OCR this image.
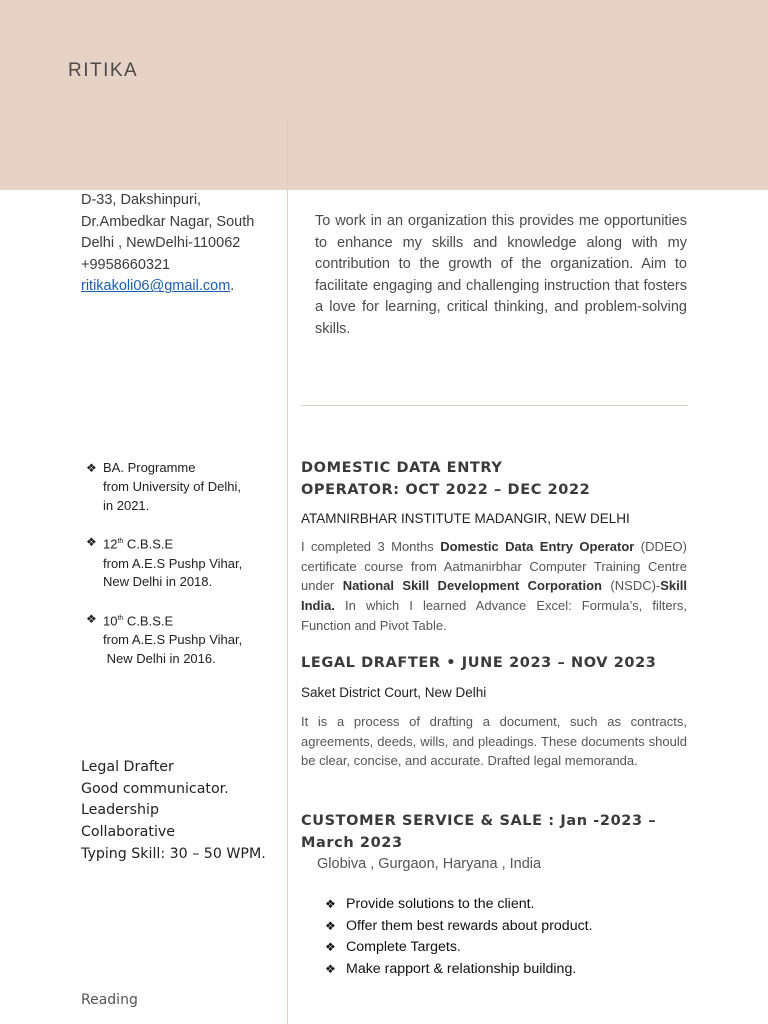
RITIKA
D-33, Dakshinpuri,
Dr.Ambedkar Nagar, South
Delhi , NewDelhi-110062
+9958660321
ritikakoli06@gmail.com.
To work in an organization this provides me opportunities to enhance my skills and knowledge along with my contribution to the growth of the organization. Aim to facilitate engaging and challenging instruction that fosters a love for learning, critical thinking, and problem-solving skills.
❖ BA. Programme
from University of Delhi,
in 2021.
❖ 12th C.B.S.E
from A.E.S Pushp Vihar,
New Delhi in 2018.
❖ 10th C.B.S.E
from A.E.S Pushp Vihar,
New Delhi in 2016.
Legal Drafter
Good communicator.
Leadership
Collaborative
Typing Skill: 30 – 50 WPM.
Reading
DOMESTIC DATA ENTRY
OPERATOR: OCT 2022 – DEC 2022
ATAMNIRBHAR INSTITUTE MADANGIR, NEW DELHI
I completed 3 Months Domestic Data Entry Operator (DDEO) certificate course from Aatmanirbhar Computer Training Centre under National Skill Development Corporation (NSDC)-Skill India. In which I learned Advance Excel: Formula’s, filters, Function and Pivot Table.
LEGAL DRAFTER • JUNE 2023 – NOV 2023
Saket District Court, New Delhi
It is a process of drafting a document, such as contracts, agreements, deeds, wills, and pleadings. These documents should be clear, concise, and accurate. Drafted legal memoranda.
CUSTOMER SERVICE & SALE : Jan -2023 –
March 2023
Globiva , Gurgaon, Haryana , India
❖ Provide solutions to the client.
❖ Offer them best rewards about product.
❖ Complete Targets.
❖ Make rapport & relationship building.
